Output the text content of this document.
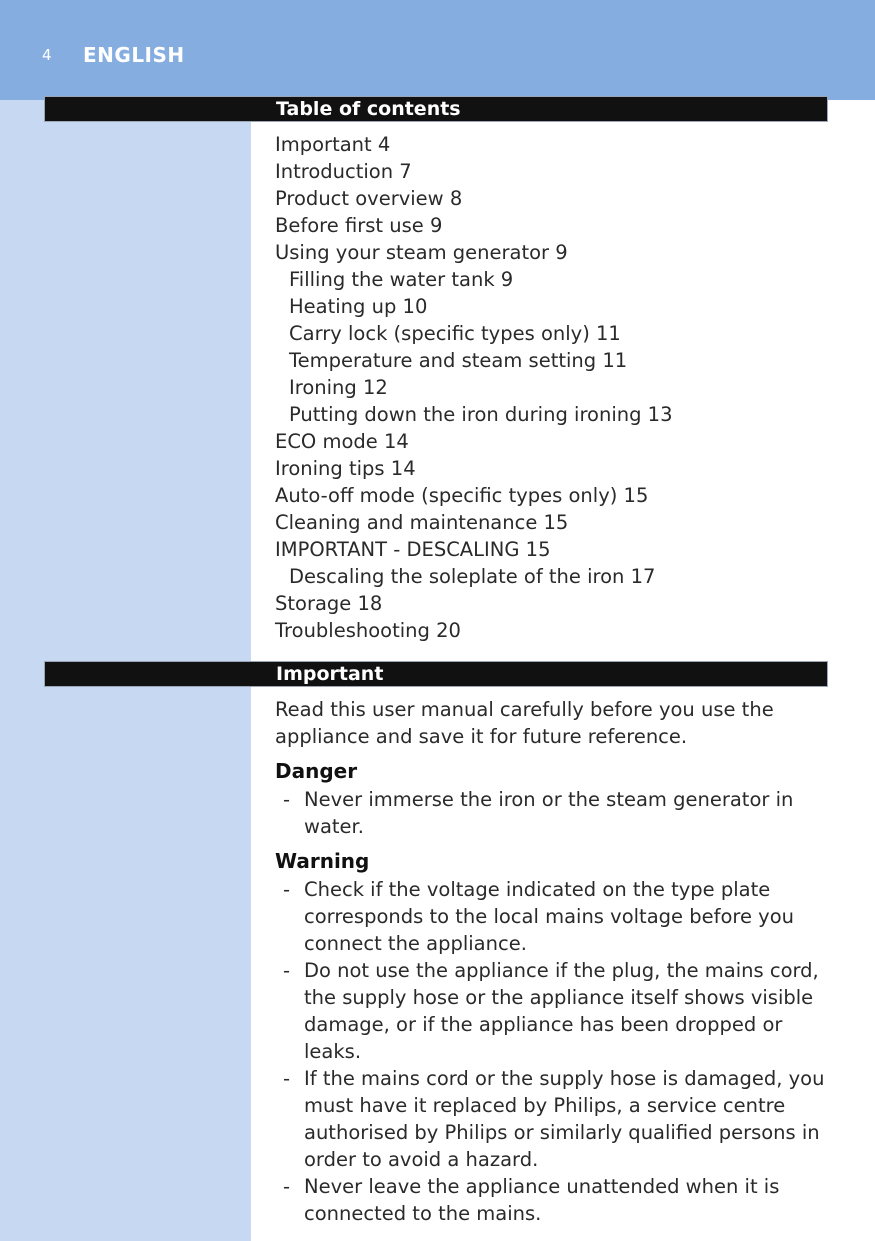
4 ENGLISH
Table of contents
Important 4
Introduction 7
Product overview 8
Before first use 9
Using your steam generator 9
Filling the water tank 9
Heating up 10
Carry lock (specific types only) 11
Temperature and steam setting 11
Ironing 12
Putting down the iron during ironing 13
ECO mode 14
Ironing tips 14
Auto-off mode (specific types only) 15
Cleaning and maintenance 15
IMPORTANT - DESCALING 15
Descaling the soleplate of the iron 17
Storage 18
Troubleshooting 20
Important

Read this user manual carefully before you use the appliance and save it for future reference.

Danger
- Never immerse the iron or the steam generator in water.
Warning
- Check if the voltage indicated on the type plate corresponds to the local mains voltage before you connect the appliance.
- Do not use the appliance if the plug, the mains cord, the supply hose or the appliance itself shows visible damage, or if the appliance has been dropped or leaks.
- If the mains cord or the supply hose is damaged, you must have it replaced by Philips, a service centre authorised by Philips or similarly qualified persons in order to avoid a hazard.
- Never leave the appliance unattended when it is connected to the mains.
